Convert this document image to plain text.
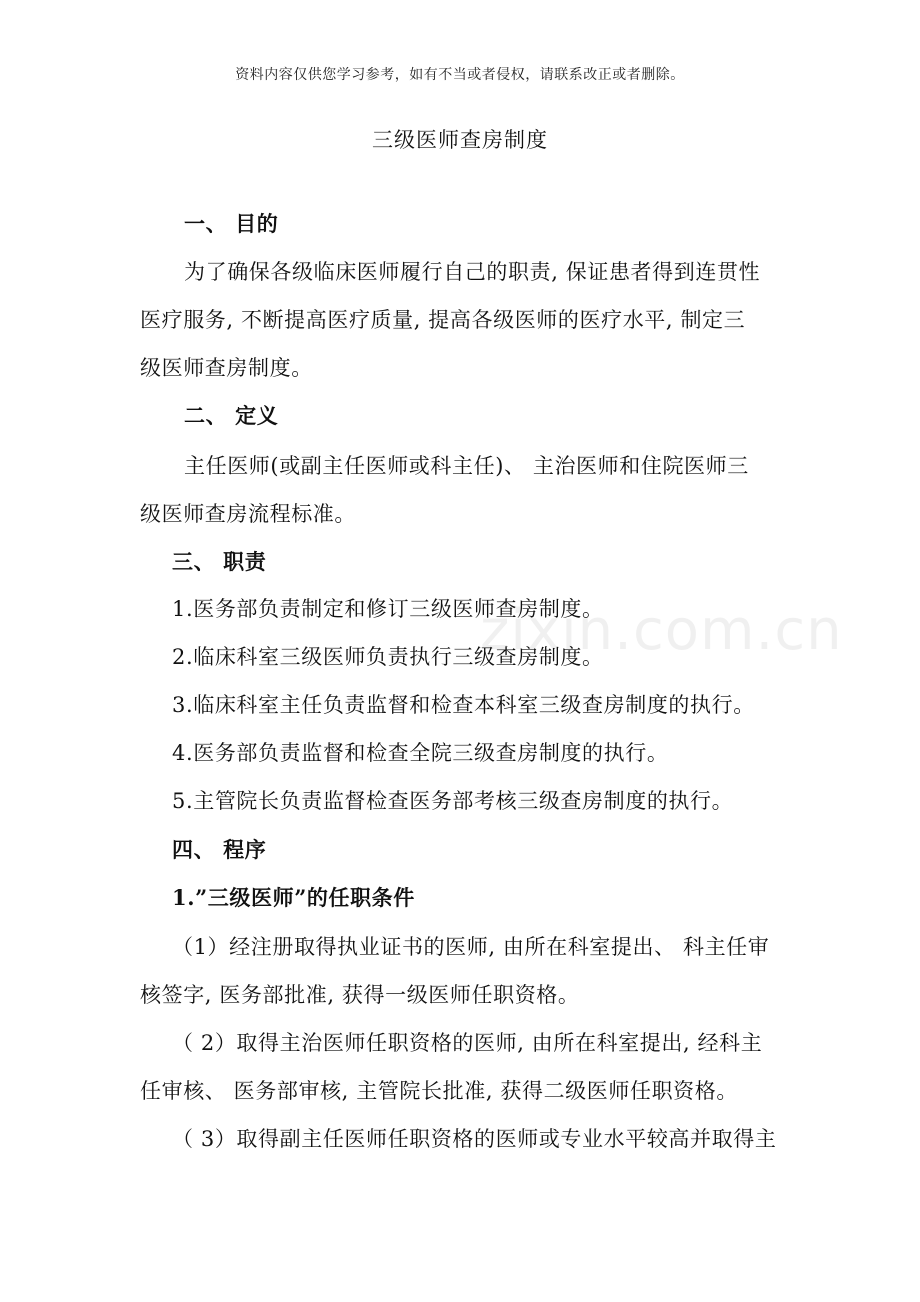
资料内容仅供您学习参考，如有不当或者侵权，请联系改正或者删除。
三级医师查房制度
zixin.com.cn
一、 目的
为了确保各级临床医师履行自己的职责, 保证患者得到连贯性
医疗服务, 不断提高医疗质量, 提高各级医师的医疗水平, 制定三
级医师查房制度。
二、 定义
主任医师(或副主任医师或科主任)、 主治医师和住院医师三
级医师查房流程标准。
三、 职责
1.医务部负责制定和修订三级医师查房制度。
2.临床科室三级医师负责执行三级查房制度。
3.临床科室主任负责监督和检查本科室三级查房制度的执行。
4.医务部负责监督和检查全院三级查房制度的执行。
5.主管院长负责监督检查医务部考核三级查房制度的执行。
四、 程序
1.”三级医师”的任职条件
（1）经注册取得执业证书的医师, 由所在科室提出、 科主任审
核签字, 医务部批准, 获得一级医师任职资格。
（ 2）取得主治医师任职资格的医师, 由所在科室提出, 经科主
任审核、 医务部审核, 主管院长批准, 获得二级医师任职资格。
（ 3）取得副主任医师任职资格的医师或专业水平较高并取得主
